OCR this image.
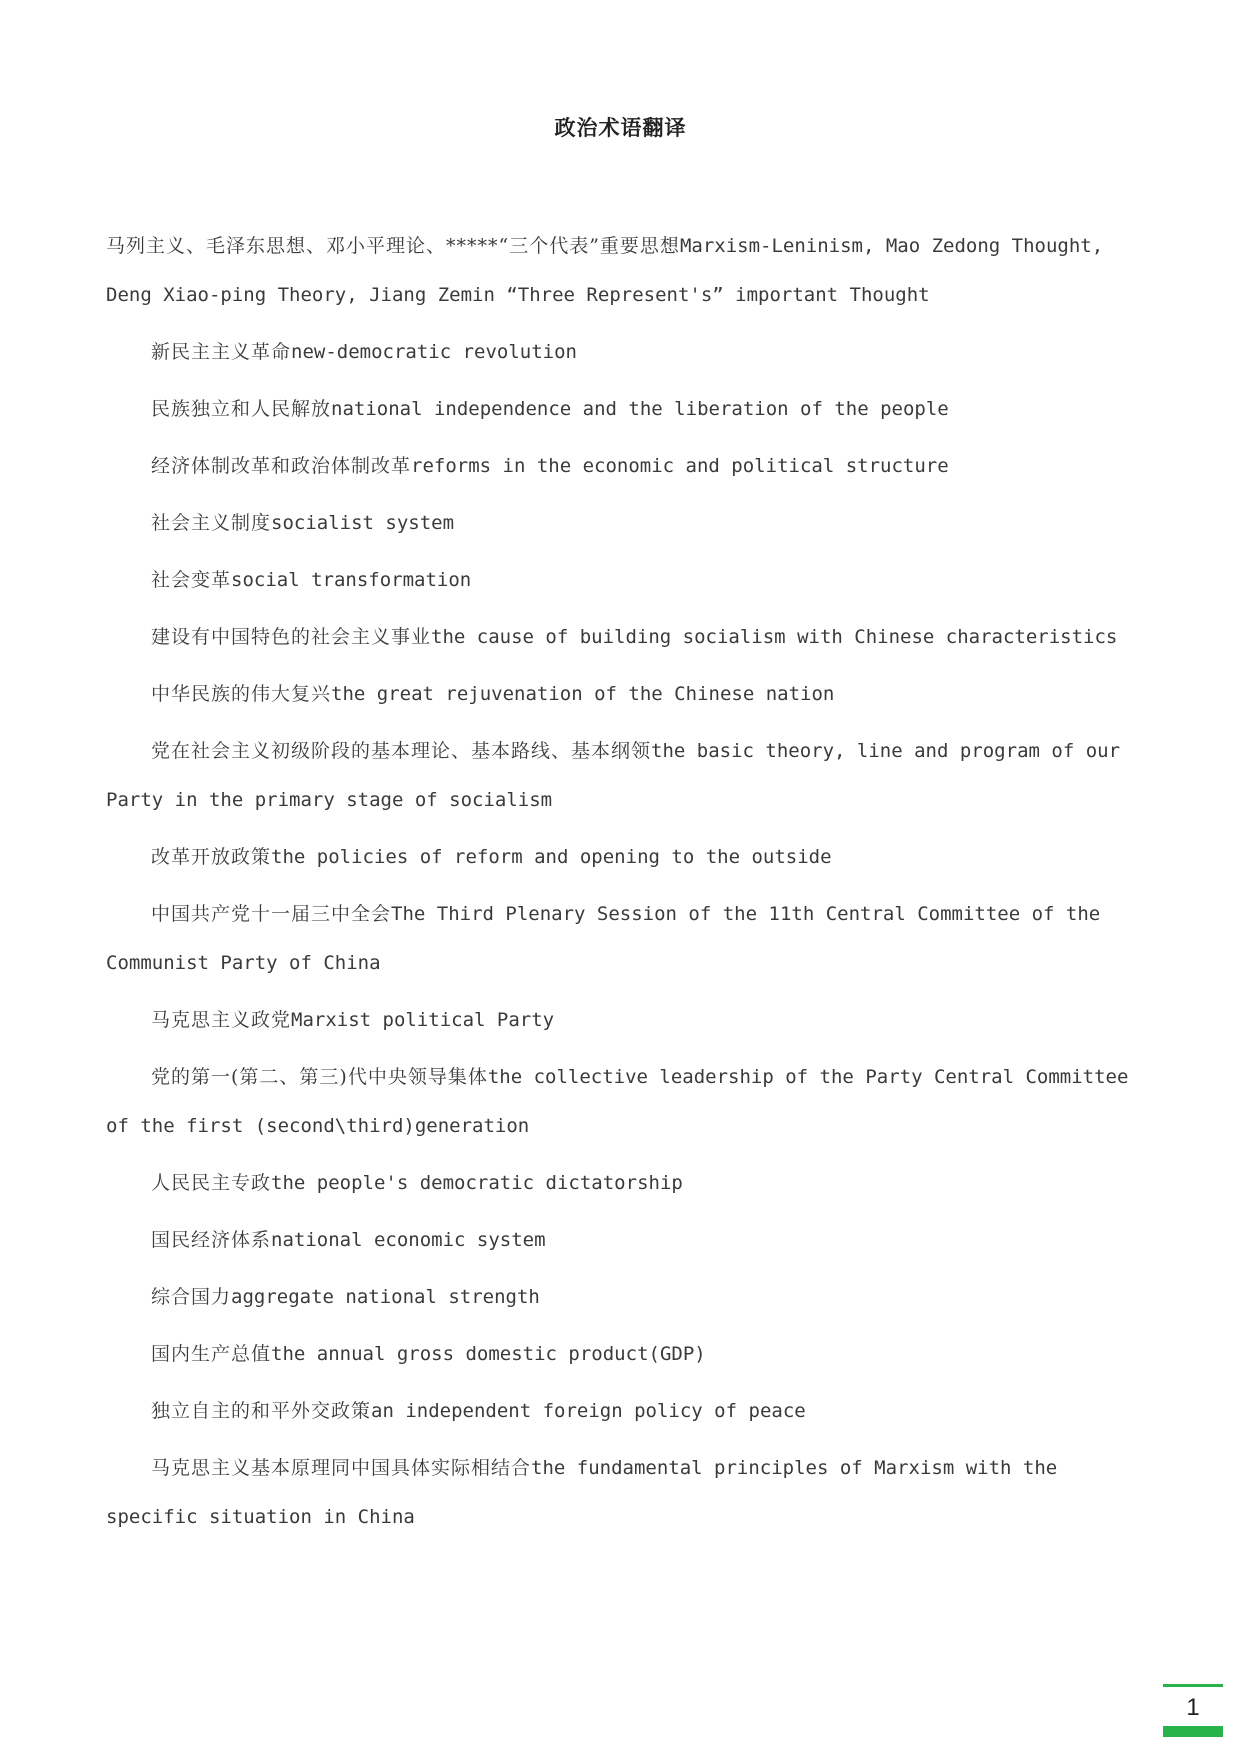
政治术语翻译

马列主义、毛泽东思想、邓小平理论、*****“三个代表”重要思想Marxism-Leninism, Mao Zedong Thought, Deng Xiao-ping Theory, Jiang Zemin “Three Represent's” important Thought

新民主主义革命new-democratic revolution

民族独立和人民解放national independence and the liberation of the people

经济体制改革和政治体制改革reforms in the economic and political structure

社会主义制度socialist system

社会变革social transformation

建设有中国特色的社会主义事业the cause of building socialism with Chinese characteristics

中华民族的伟大复兴the great rejuvenation of the Chinese nation

党在社会主义初级阶段的基本理论、基本路线、基本纲领the basic theory, line and program of our Party in the primary stage of socialism

改革开放政策the policies of reform and opening to the outside

中国共产党十一届三中全会The Third Plenary Session of the 11th Central Committee of the Communist Party of China

马克思主义政党Marxist political Party

党的第一(第二、第三)代中央领导集体the collective leadership of the Party Central Committee of the first (second\third)generation

人民民主专政the people's democratic dictatorship

国民经济体系national economic system

综合国力aggregate national strength

国内生产总值the annual gross domestic product(GDP)

独立自主的和平外交政策an independent foreign policy of peace

马克思主义基本原理同中国具体实际相结合the fundamental principles of Marxism with the specific situation in China

1
